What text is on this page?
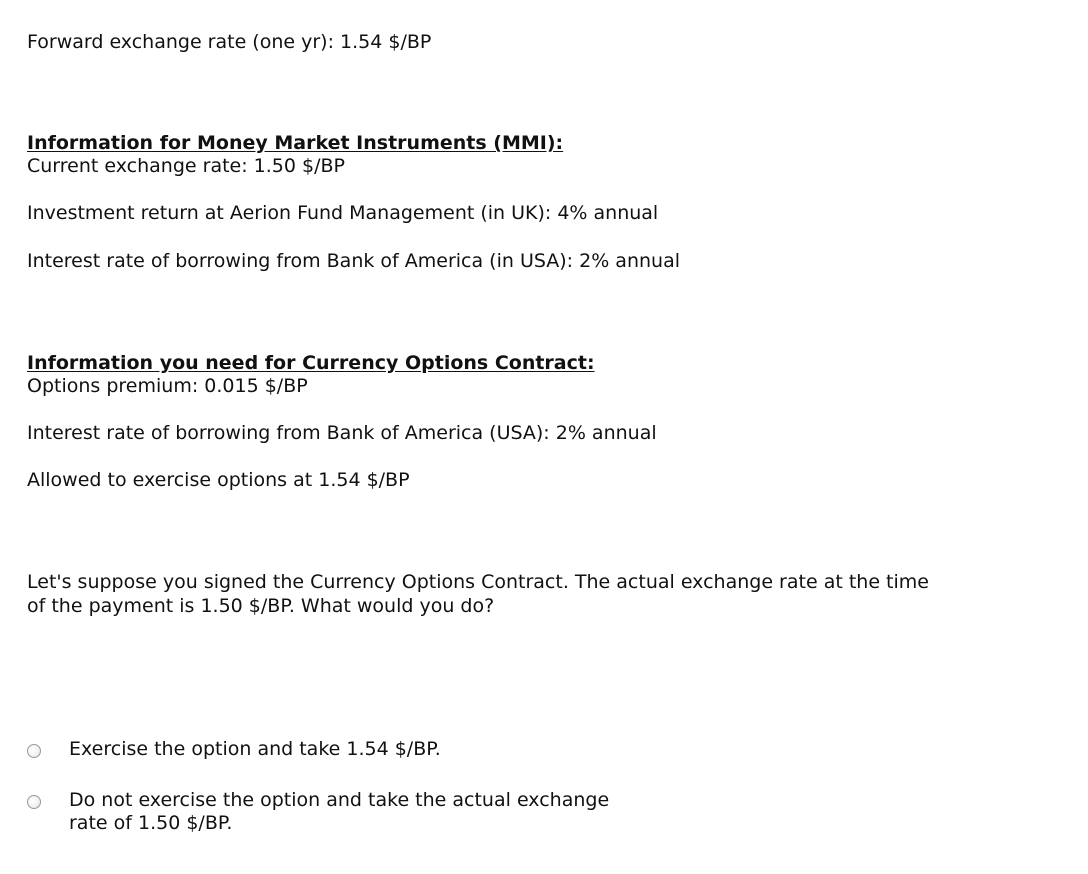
Forward exchange rate (one yr): 1.54 $/BP
Information for Money Market Instruments (MMI):
Current exchange rate: 1.50 $/BP
Investment return at Aerion Fund Management (in UK): 4% annual
Interest rate of borrowing from Bank of America (in USA): 2% annual
Information you need for Currency Options Contract:
Options premium: 0.015 $/BP
Interest rate of borrowing from Bank of America (USA): 2% annual
Allowed to exercise options at 1.54 $/BP
Let's suppose you signed the Currency Options Contract. The actual exchange rate at the time of the payment is 1.50 $/BP. What would you do?
Exercise the option and take 1.54 $/BP.
Do not exercise the option and take the actual exchange rate of 1.50 $/BP.
